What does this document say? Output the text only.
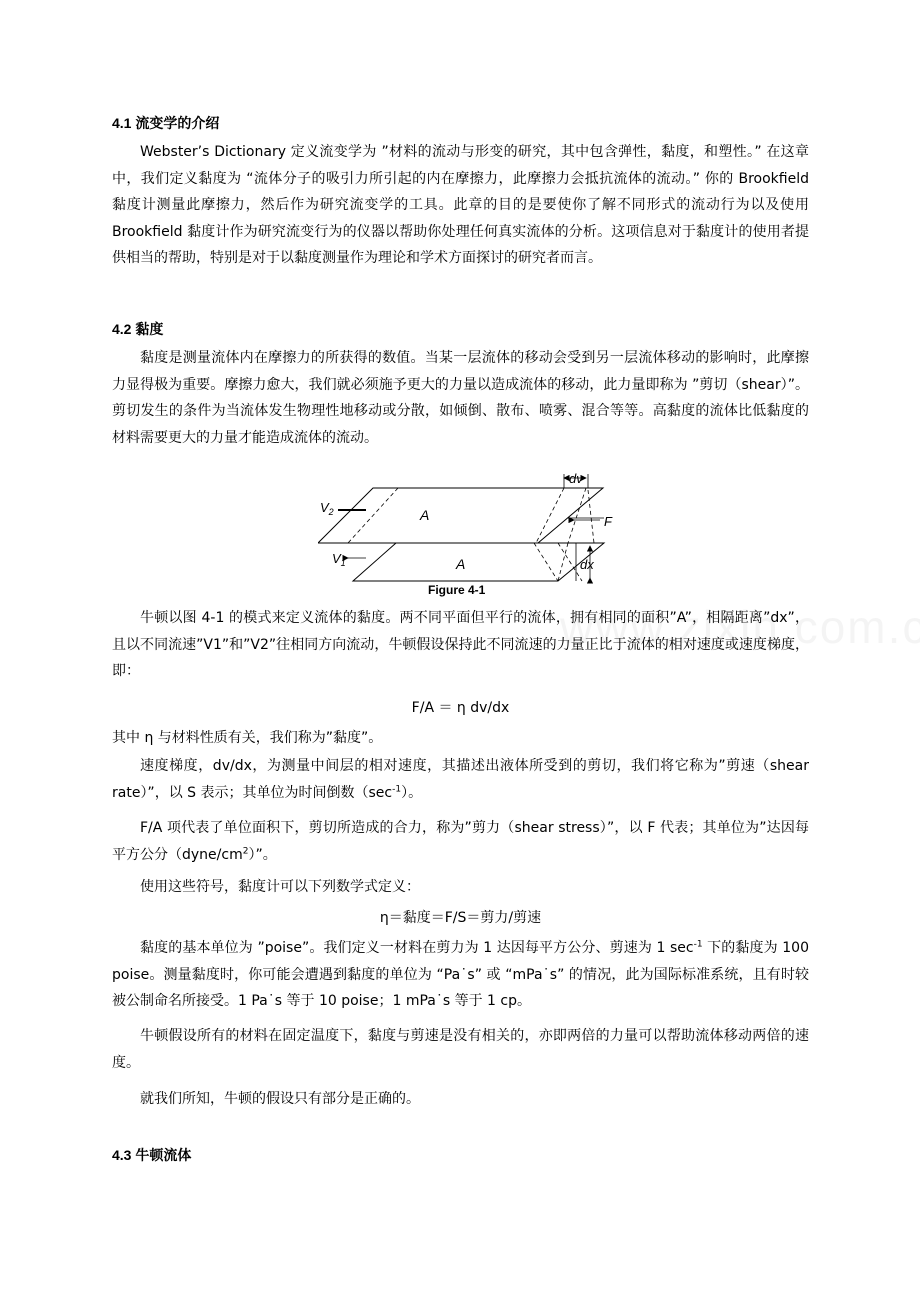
4.1 流变学的介绍

Webster’s Dictionary 定义流变学为 ”材料的流动与形变的研究，其中包含弹性，黏度，和塑性。” 在这章中，我们定义黏度为 “流体分子的吸引力所引起的内在摩擦力，此摩擦力会抵抗流体的流动。” 你的 Brookfield 黏度计测量此摩擦力，然后作为研究流变学的工具。此章的目的是要使你了解不同形式的流动行为以及使用 Brookfield 黏度计作为研究流变行为的仪器以帮助你处理任何真实流体的分析。这项信息对于黏度计的使用者提供相当的帮助，特别是对于以黏度测量作为理论和学术方面探讨的研究者而言。

4.2 黏度

黏度是测量流体内在摩擦力的所获得的数值。当某一层流体的移动会受到另一层流体移动的影响时，此摩擦力显得极为重要。摩擦力愈大，我们就必须施予更大的力量以造成流体的移动，此力量即称为 ”剪切（shear）”。剪切发生的条件为当流体发生物理性地移动或分散，如倾倒、散布、喷雾、混合等等。高黏度的流体比低黏度的材料需要更大的力量才能造成流体的流动。

$V_2$
$V_1$
A
A
dv
F
dx
Figure 4-1

牛顿以图 4-1 的模式来定义流体的黏度。两不同平面但平行的流体，拥有相同的面积”A”，相隔距离”dx”，且以不同流速”V1”和”V2”往相同方向流动，牛顿假设保持此不同流速的力量正比于流体的相对速度或速度梯度，即：

F/A ＝ η dv/dx
其中 η 与材料性质有关，我们称为”黏度”。

速度梯度，dv/dx，为测量中间层的相对速度，其描述出液体所受到的剪切，我们将它称为”剪速（shear rate）”，以 S 表示；其单位为时间倒数$(\sec^{-1})$。

F/A 项代表了单位面积下，剪切所造成的合力，称为”剪力（shear stress）”，以 F 代表；其单位为”达因每平方公分$(dyne/cm^2)$”。

使用这些符号，黏度计可以下列数学式定义：

η＝黏度＝F/S＝剪力/剪速

黏度的基本单位为 ”poise”。我们定义一材料在剪力为 1 达因每平方公分、剪速为 1 $\sec^{-1}$ 下的黏度为 100 poise。测量黏度时，你可能会遭遇到黏度的单位为 “Pa˙s” 或 “mPa˙s” 的情况，此为国际标准系统，且有时较被公制命名所接受。1 Pa˙s 等于 10 poise；1 mPa˙s 等于 1 cp。

牛顿假设所有的材料在固定温度下，黏度与剪速是没有相关的，亦即两倍的力量可以帮助流体移动两倍的速度。

就我们所知，牛顿的假设只有部分是正确的。

4.3 牛顿流体
